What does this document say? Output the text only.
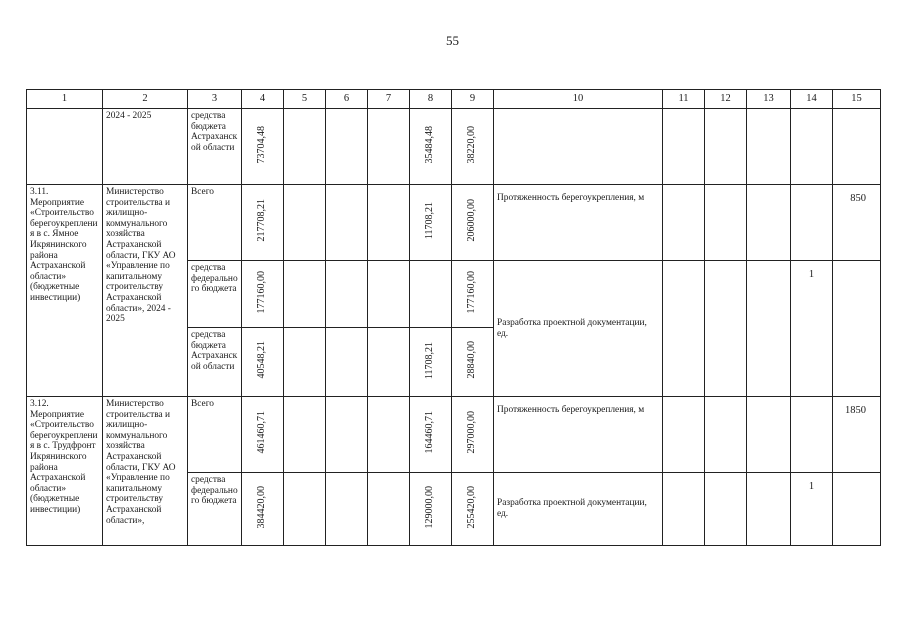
55
1	2	3	4	5	6	7	8	9	10	11	12	13	14	15
	2024 - 2025	средства бюджета Астраханской области	73704,48				35484,48	38220,00						
3.11. Мероприятие «Строительство берегоукрепления в с. Ямное Икрянинского района Астраханской области» (бюджетные инвестиции)	Министерство строительства и жилищно-коммунального хозяйства Астраханской области, ГКУ АО «Управление по капитальному строительству Астраханской области», 2024 - 2025	Всего	217708,21				11708,21	206000,00	Протяженность берегоукрепления, м					850
		средства федерального бюджета	177160,00					177160,00	Разработка проектной документации, ед.				1	
		средства бюджета Астраханской области	40548,21				11708,21	28840,00						
3.12. Мероприятие «Строительство берегоукрепления в с. Трудфронт Икрянинского района Астраханской области» (бюджетные инвестиции)	Министерство строительства и жилищно-коммунального хозяйства Астраханской области, ГКУ АО «Управление по капитальному строительству Астраханской области»,	Всего	461460,71				164460,71	297000,00	Протяженность берегоукрепления, м					1850
		средства федерального бюджета	384420,00				129000,00	255420,00	Разработка проектной документации, ед.				1	
